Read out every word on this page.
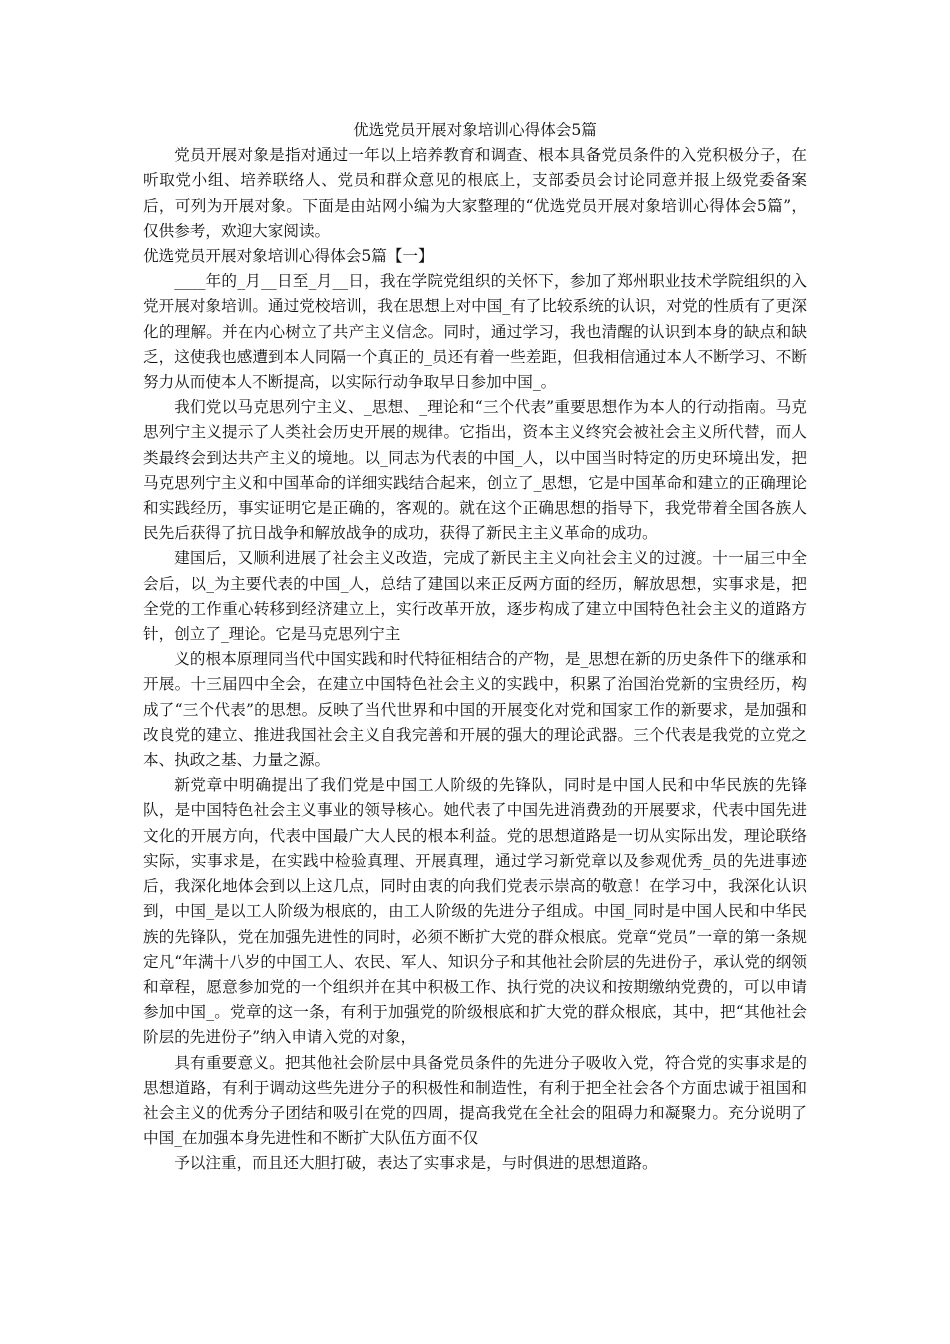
优选党员开展对象培训心得体会5篇

党员开展对象是指对通过一年以上培养教育和调查、根本具备党员条件的入党积极分子，在听取党小组、培养联络人、党员和群众意见的根底上，支部委员会讨论同意并报上级党委备案后，可列为开展对象。下面是由站网小编为大家整理的“优选党员开展对象培训心得体会5篇”，仅供参考，欢迎大家阅读。

优选党员开展对象培训心得体会5篇【一】

____年的_月__日至_月__日，我在学院党组织的关怀下，参加了郑州职业技术学院组织的入党开展对象培训。通过党校培训，我在思想上对中国_有了比较系统的认识，对党的性质有了更深化的理解。并在内心树立了共产主义信念。同时，通过学习，我也清醒的认识到本身的缺点和缺乏，这使我也感遭到本人同隔一个真正的_员还有着一些差距，但我相信通过本人不断学习、不断努力从而使本人不断提高，以实际行动争取早日参加中国_。

我们党以马克思列宁主义、_思想、_理论和“三个代表”重要思想作为本人的行动指南。马克思列宁主义提示了人类社会历史开展的规律。它指出，资本主义终究会被社会主义所代替，而人类最终会到达共产主义的境地。以_同志为代表的中国_人，以中国当时特定的历史环境出发，把马克思列宁主义和中国革命的详细实践结合起来，创立了_思想，它是中国革命和建立的正确理论和实践经历，事实证明它是正确的，客观的。就在这个正确思想的指导下，我党带着全国各族人民先后获得了抗日战争和解放战争的成功，获得了新民主主义革命的成功。

建国后，又顺利进展了社会主义改造，完成了新民主主义向社会主义的过渡。十一届三中全会后，以_为主要代表的中国_人，总结了建国以来正反两方面的经历，解放思想，实事求是，把全党的工作重心转移到经济建立上，实行改革开放，逐步构成了建立中国特色社会主义的道路方针，创立了_理论。它是马克思列宁主

义的根本原理同当代中国实践和时代特征相结合的产物，是_思想在新的历史条件下的继承和开展。十三届四中全会，在建立中国特色社会主义的实践中，积累了治国治党新的宝贵经历，构成了“三个代表”的思想。反映了当代世界和中国的开展变化对党和国家工作的新要求，是加强和改良党的建立、推进我国社会主义自我完善和开展的强大的理论武器。三个代表是我党的立党之本、执政之基、力量之源。

新党章中明确提出了我们党是中国工人阶级的先锋队，同时是中国人民和中华民族的先锋队，是中国特色社会主义事业的领导核心。她代表了中国先进消费劲的开展要求，代表中国先进文化的开展方向，代表中国最广大人民的根本利益。党的思想道路是一切从实际出发，理论联络实际，实事求是，在实践中检验真理、开展真理，通过学习新党章以及参观优秀_员的先进事迹后，我深化地体会到以上这几点，同时由衷的向我们党表示崇高的敬意！在学习中，我深化认识到，中国_是以工人阶级为根底的，由工人阶级的先进分子组成。中国_同时是中国人民和中华民族的先锋队，党在加强先进性的同时，必须不断扩大党的群众根底。党章“党员”一章的第一条规定凡“年满十八岁的中国工人、农民、军人、知识分子和其他社会阶层的先进份子，承认党的纲领和章程，愿意参加党的一个组织并在其中积极工作、执行党的决议和按期缴纳党费的，可以申请参加中国_。党章的这一条，有利于加强党的阶级根底和扩大党的群众根底，其中，把“其他社会阶层的先进份子”纳入申请入党的对象，

具有重要意义。把其他社会阶层中具备党员条件的先进分子吸收入党，符合党的实事求是的思想道路，有利于调动这些先进分子的积极性和制造性，有利于把全社会各个方面忠诚于祖国和社会主义的优秀分子团结和吸引在党的四周，提高我党在全社会的阻碍力和凝聚力。充分说明了中国_在加强本身先进性和不断扩大队伍方面不仅

予以注重，而且还大胆打破，表达了实事求是，与时俱进的思想道路。
